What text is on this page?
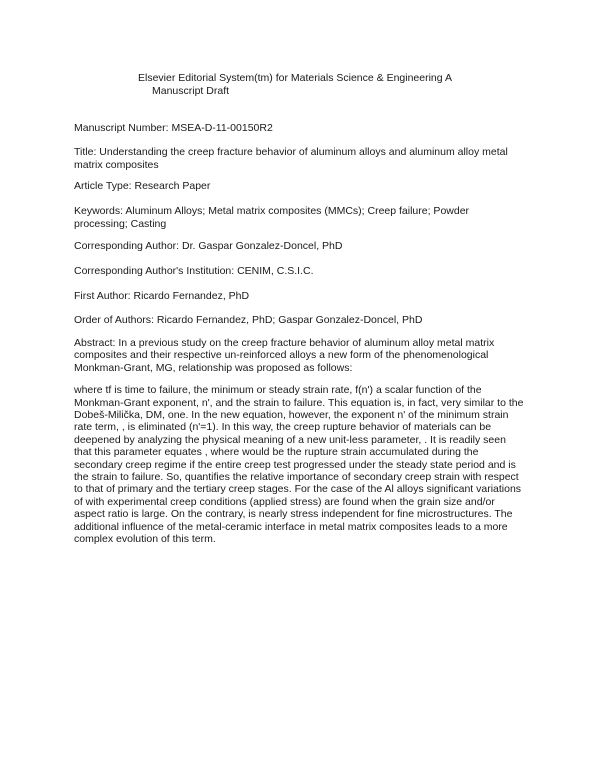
Elsevier Editorial System(tm) for Materials Science & Engineering A
Manuscript Draft
Manuscript Number: MSEA-D-11-00150R2
Title: Understanding the creep fracture behavior of aluminum alloys and aluminum alloy metal matrix composites
Article Type: Research Paper
Keywords: Aluminum Alloys; Metal matrix composites (MMCs); Creep failure; Powder processing; Casting
Corresponding Author: Dr. Gaspar Gonzalez-Doncel, PhD
Corresponding Author's Institution: CENIM, C.S.I.C.
First Author: Ricardo Fernandez, PhD
Order of Authors: Ricardo Fernandez, PhD; Gaspar Gonzalez-Doncel, PhD

Abstract: In a previous study on the creep fracture behavior of aluminum alloy metal matrix composites and their respective un-reinforced alloys a new form of the phenomenological Monkman-Grant, MG, relationship was proposed as follows:

where tf is time to failure, the minimum or steady strain rate, f(n') a scalar function of the Monkman-Grant exponent, n', and the strain to failure. This equation is, in fact, very similar to the Dobeš-Milička, DM, one. In the new equation, however, the exponent n' of the minimum strain rate term, , is eliminated (n'=1). In this way, the creep rupture behavior of materials can be deepened by analyzing the physical meaning of a new unit-less parameter, . It is readily seen that this parameter equates , where would be the rupture strain accumulated during the secondary creep regime if the entire creep test progressed under the steady state period and is the strain to failure. So, quantifies the relative importance of secondary creep strain with respect to that of primary and the tertiary creep stages. For the case of the Al alloys significant variations of with experimental creep conditions (applied stress) are found when the grain size and/or aspect ratio is large. On the contrary, is nearly stress independent for fine microstructures. The additional influence of the metal-ceramic interface in metal matrix composites leads to a more complex evolution of this term.
